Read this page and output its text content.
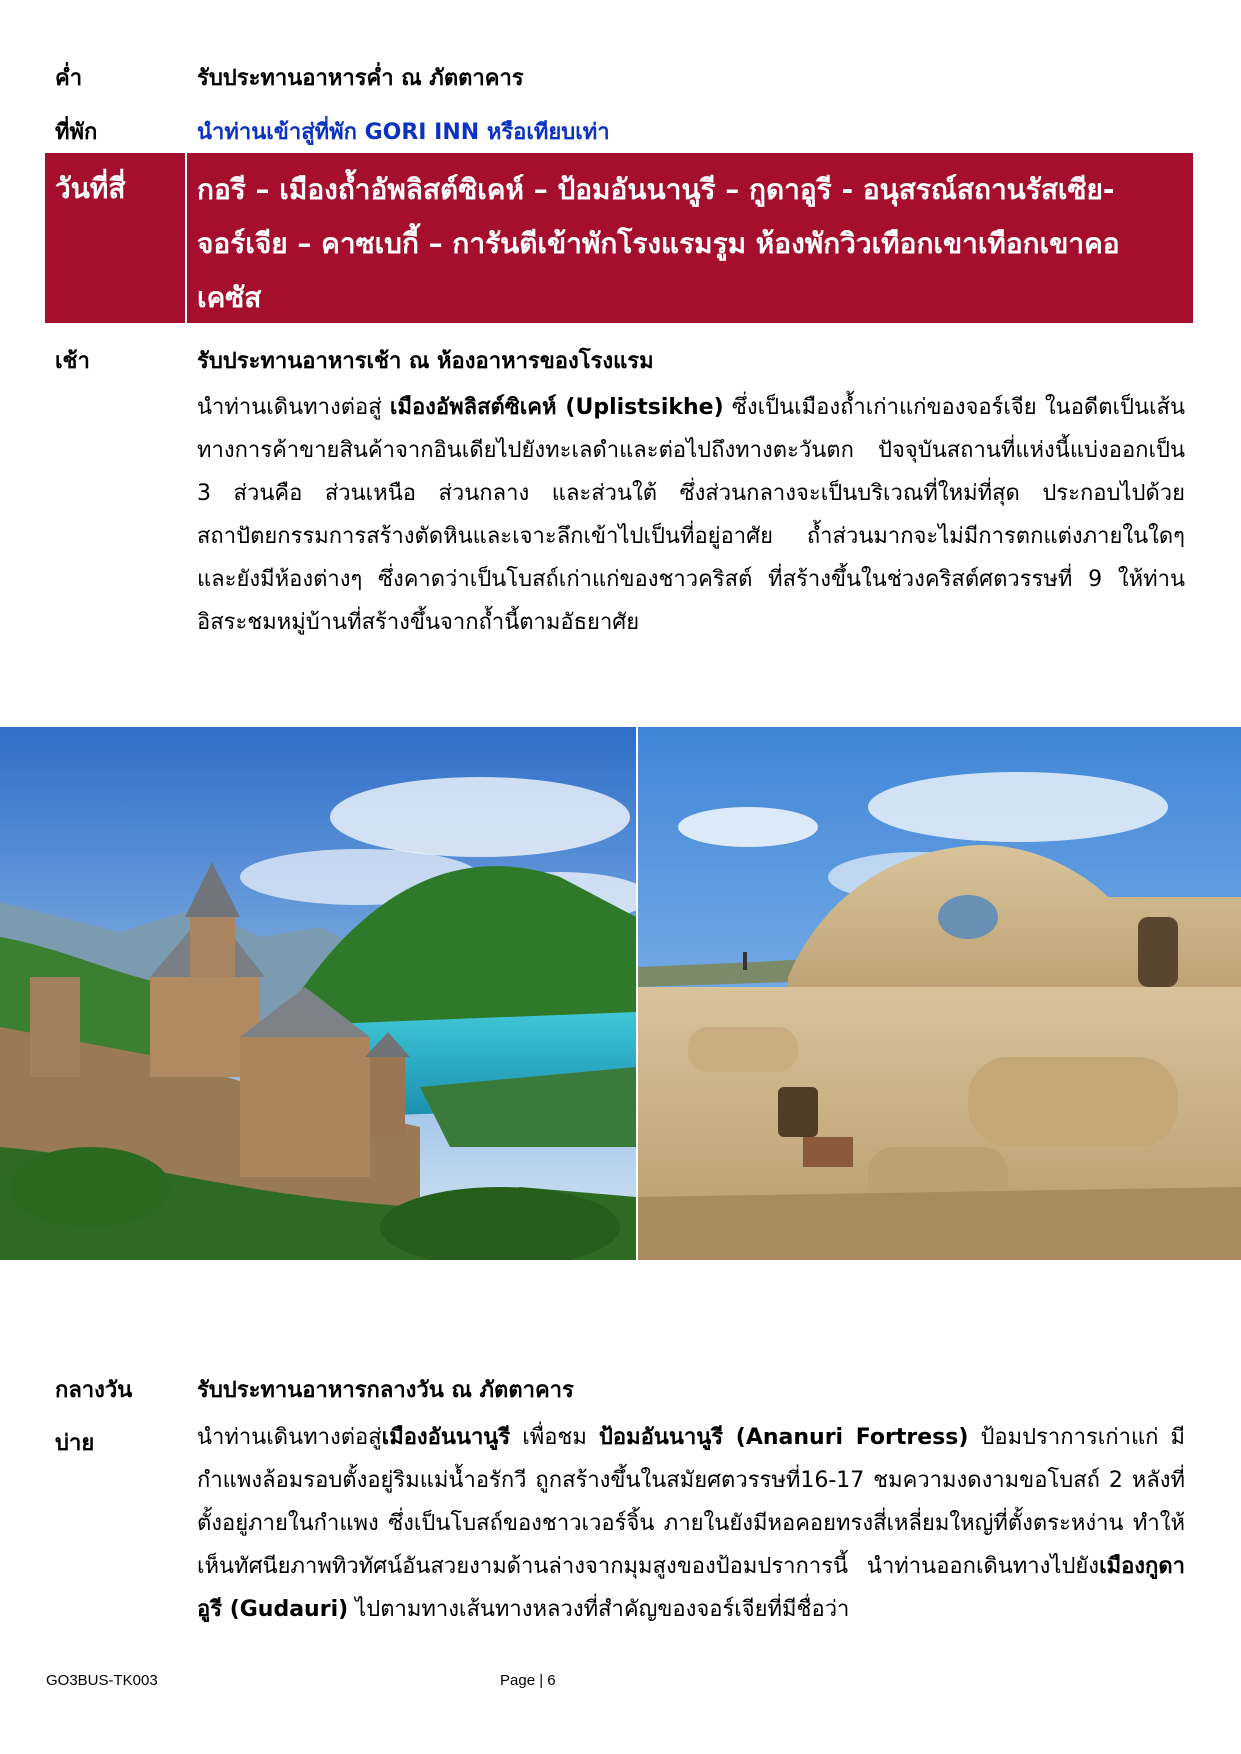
ค่ำ	รับประทานอาหารค่ำ ณ ภัตตาคาร
ที่พัก	นำท่านเข้าสู่ที่พัก GORI INN หรือเทียบเท่า
วันที่สี่	กอรี – เมืองถ้ำอัพลิสต์ซิเคห์ – ป้อมอันนานูรี – กูดาอูรี - อนุสรณ์สถานรัสเซีย-จอร์เจีย – คาซเบกี้ – การันตีเข้าพักโรงแรมรูม ห้องพักวิวเทือกเขาเทือกเขาคอเคซัส
เช้า	รับประทานอาหารเช้า ณ ห้องอาหารของโรงแรม
นำท่านเดินทางต่อสู่ เมืองอัพลิสต์ซิเคห์ (Uplistsikhe) ซึ่งเป็นเมืองถ้ำเก่าแก่ของจอร์เจีย ในอดีตเป็นเส้นทางการค้าขายสินค้าจากอินเดียไปยังทะเลดำและต่อไปถึงทางตะวันตก ปัจจุบันสถานที่แห่งนี้แบ่งออกเป็น 3 ส่วนคือ ส่วนเหนือ ส่วนกลาง และส่วนใต้ ซึ่งส่วนกลางจะเป็นบริเวณที่ใหม่ที่สุด ประกอบไปด้วยสถาปัตยกรรมการสร้างตัดหินและเจาะลึกเข้าไปเป็นที่อยู่อาศัย ถ้ำส่วนมากจะไม่มีการตกแต่งภายในใดๆ และยังมีห้องต่างๆ ซึ่งคาดว่าเป็นโบสถ์เก่าแก่ของชาวคริสต์ ที่สร้างขึ้นในช่วงคริสต์ศตวรรษที่ 9 ให้ท่านอิสระชมหมู่บ้านที่สร้างขึ้นจากถ้ำนี้ตามอัธยาศัย
กลางวัน	รับประทานอาหารกลางวัน ณ ภัตตาคาร
บ่าย	นำท่านเดินทางต่อสู่เมืองอันนานูรี เพื่อชม ป้อมอันนานูรี (Ananuri Fortress) ป้อมปราการเก่าแก่ มีกำแพงล้อมรอบตั้งอยู่ริมแม่น้ำอรักวี ถูกสร้างขึ้นในสมัยศตวรรษที่16-17 ชมความงดงามขอโบสถ์ 2 หลังที่ตั้งอยู่ภายในกำแพง ซึ่งเป็นโบสถ์ของชาวเวอร์จิ้น ภายในยังมีหอคอยทรงสี่เหลี่ยมใหญ่ที่ตั้งตระหง่าน ทำให้เห็นทัศนียภาพทิวทัศน์อันสวยงามด้านล่างจากมุมสูงของป้อมปราการนี้ นำท่านออกเดินทางไปยังเมืองกูดาอูรี (Gudauri) ไปตามทางเส้นทางหลวงที่สำคัญของจอร์เจียที่มีชื่อว่า
GO3BUS-TK003	Page | 6
